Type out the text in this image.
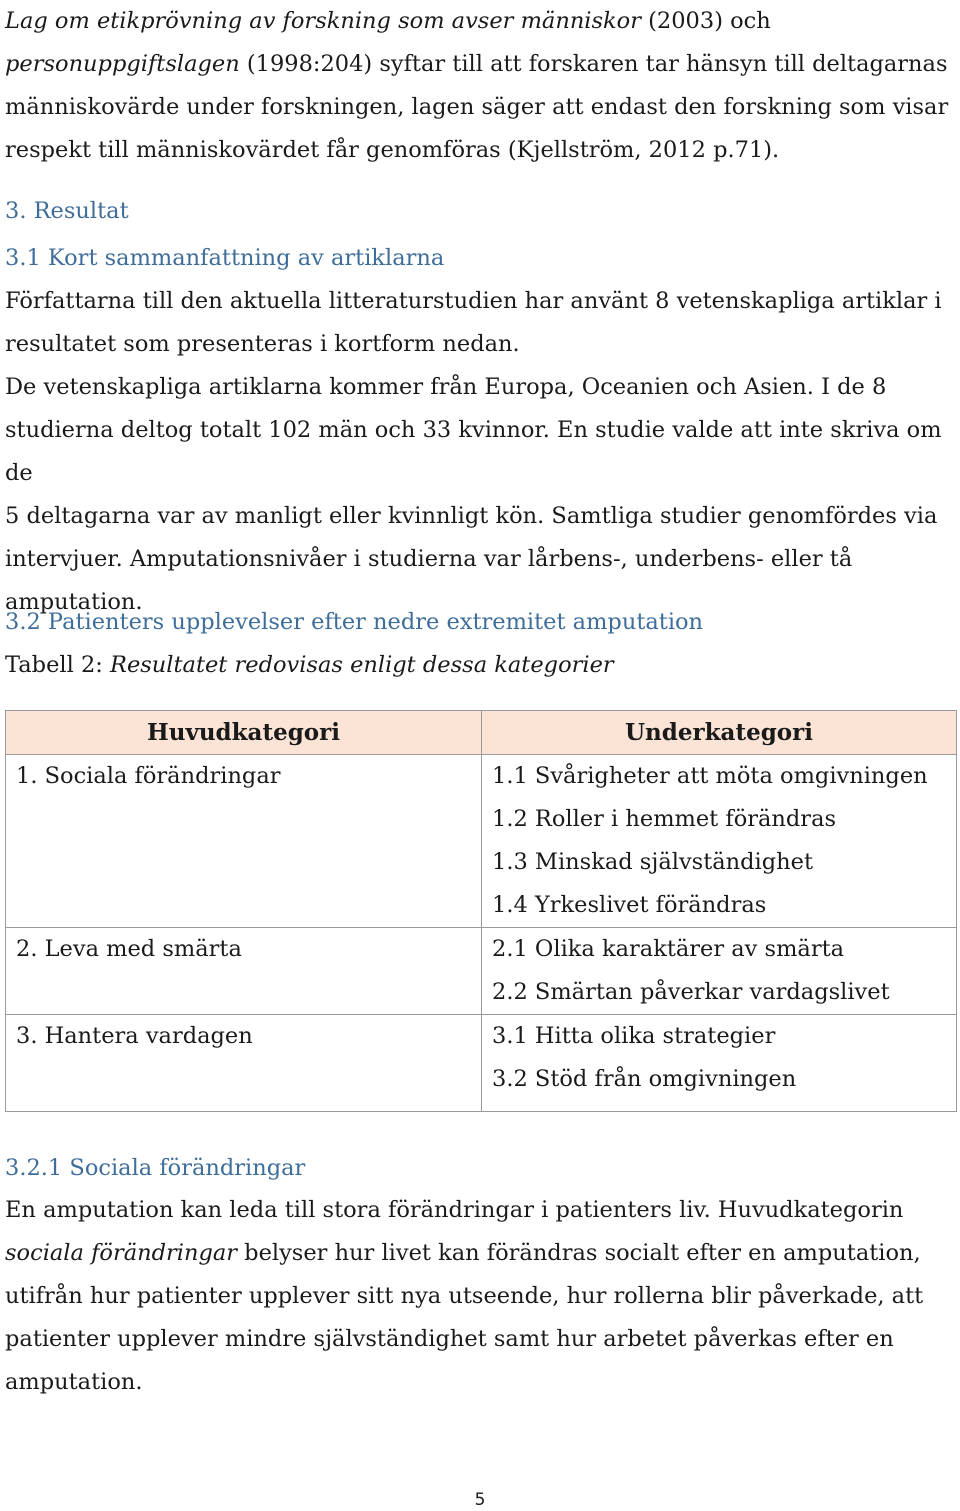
Lag om etikprövning av forskning som avser människor (2003) och

personuppgiftslagen (1998:204) syftar till att forskaren tar hänsyn till deltagarnas

människovärde under forskningen, lagen säger att endast den forskning som visar

respekt till människovärdet får genomföras (Kjellström, 2012 p.71).

3. Resultat

3.1 Kort sammanfattning av artiklarna

Författarna till den aktuella litteraturstudien har använt 8 vetenskapliga artiklar i

resultatet som presenteras i kortform nedan.

De vetenskapliga artiklarna kommer från Europa, Oceanien och Asien. I de 8

studierna deltog totalt 102 män och 33 kvinnor. En studie valde att inte skriva om de

5 deltagarna var av manligt eller kvinnligt kön. Samtliga studier genomfördes via

intervjuer. Amputationsnivåer i studierna var lårbens-, underbens- eller tå

amputation.

3.2 Patienters upplevelser efter nedre extremitet amputation

Tabell 2: Resultatet redovisas enligt dessa kategorier

Huvudkategori	Underkategori
1. Sociala förändringar	1.1 Svårigheter att möta omgivningen
1.2 Roller i hemmet förändras
1.3 Minskad självständighet
1.4 Yrkeslivet förändras

2. Leva med smärta	2.1 Olika karaktärer av smärta
2.2 Smärtan påverkar vardagslivet

3. Hantera vardagen	3.1 Hitta olika strategier
3.2 Stöd från omgivningen

3.2.1 Sociala förändringar

En amputation kan leda till stora förändringar i patienters liv. Huvudkategorin

sociala förändringar belyser hur livet kan förändras socialt efter en amputation,

utifrån hur patienter upplever sitt nya utseende, hur rollerna blir påverkade, att

patienter upplever mindre självständighet samt hur arbetet påverkas efter en

amputation.

5
